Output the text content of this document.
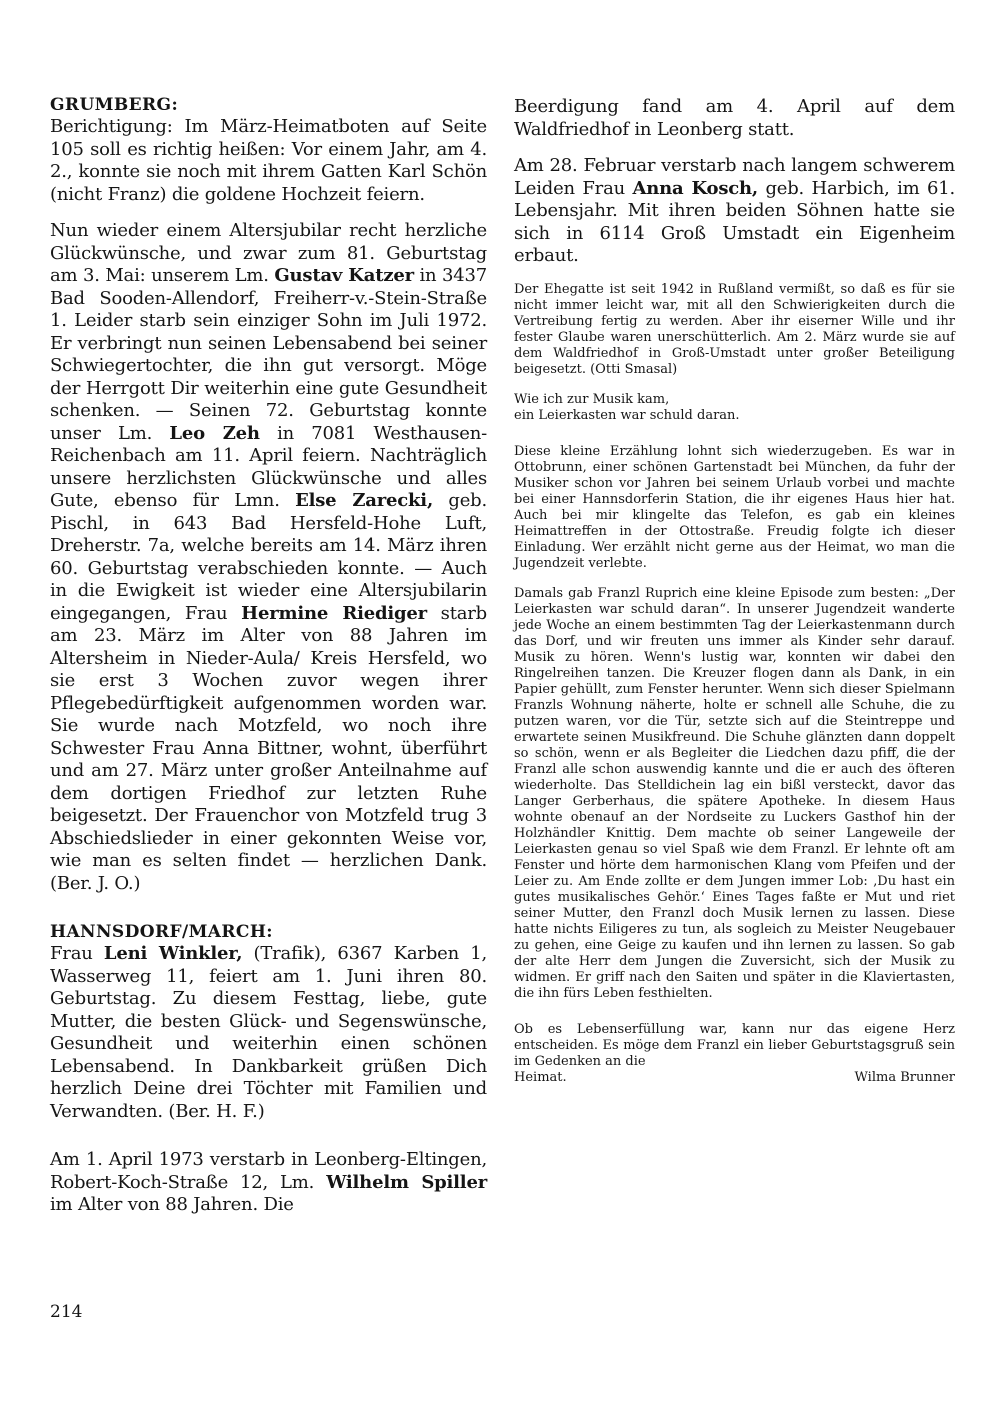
GRUMBERG:

Berichtigung: Im März-Heimatboten auf Seite 105 soll es richtig heißen: Vor einem Jahr, am 4. 2., konnte sie noch mit ihrem Gatten Karl Schön (nicht Franz) die goldene Hochzeit feiern.

Nun wieder einem Altersjubilar recht herzliche Glückwünsche, und zwar zum 81. Geburtstag am 3. Mai: unserem Lm. Gustav Katzer in 3437 Bad Sooden-Allendorf, Freiherr-v.-Stein-Straße 1. Leider starb sein einziger Sohn im Juli 1972. Er verbringt nun seinen Lebensabend bei seiner Schwiegertochter, die ihn gut versorgt. Möge der Herrgott Dir weiterhin eine gute Gesundheit schenken. — Seinen 72. Geburtstag konnte unser Lm. Leo Zeh in 7081 Westhausen-Reichenbach am 11. April feiern. Nachträglich unsere herzlichsten Glückwünsche und alles Gute, ebenso für Lmn. Else Zarecki, geb. Pischl, in 643 Bad Hersfeld-Hohe Luft, Dreherstr. 7a, welche bereits am 14. März ihren 60. Geburtstag verabschieden konnte. — Auch in die Ewigkeit ist wieder eine Altersjubilarin eingegangen, Frau Hermine Riediger starb am 23. März im Alter von 88 Jahren im Altersheim in Nieder-Aula/ Kreis Hersfeld, wo sie erst 3 Wochen zuvor wegen ihrer Pflegebedürftigkeit aufgenommen worden war. Sie wurde nach Motzfeld, wo noch ihre Schwester Frau Anna Bittner, wohnt, überführt und am 27. März unter großer Anteilnahme auf dem dortigen Friedhof zur letzten Ruhe beigesetzt. Der Frauenchor von Motzfeld trug 3 Abschiedslieder in einer gekonnten Weise vor, wie man es selten findet — herzlichen Dank. (Ber. J. O.)

HANNSDORF/MARCH:

Frau Leni Winkler, (Trafik), 6367 Karben 1, Wasserweg 11, feiert am 1. Juni ihren 80. Geburtstag. Zu diesem Festtag, liebe, gute Mutter, die besten Glück- und Segenswünsche, Gesundheit und weiterhin einen schönen Lebensabend. In Dankbarkeit grüßen Dich herzlich Deine drei Töchter mit Familien und Verwandten. (Ber. H. F.)

Am 1. April 1973 verstarb in Leonberg-Eltingen, Robert-Koch-Straße 12, Lm. Wilhelm Spiller im Alter von 88 Jahren. Die

Beerdigung fand am 4. April auf dem Waldfriedhof in Leonberg statt.

Am 28. Februar verstarb nach langem schwerem Leiden Frau Anna Kosch, geb. Harbich, im 61. Lebensjahr. Mit ihren beiden Söhnen hatte sie sich in 6114 Groß Umstadt ein Eigenheim erbaut.

Der Ehegatte ist seit 1942 in Rußland vermißt, so daß es für sie nicht immer leicht war, mit all den Schwierigkeiten durch die Vertreibung fertig zu werden. Aber ihr eiserner Wille und ihr fester Glaube waren unerschütterlich. Am 2. März wurde sie auf dem Waldfriedhof in Groß-Umstadt unter großer Beteiligung beigesetzt. (Otti Smasal)

Wie ich zur Musik kam,
ein Leierkasten war schuld daran.

Diese kleine Erzählung lohnt sich wiederzugeben. Es war in Ottobrunn, einer schönen Gartenstadt bei München, da fuhr der Musiker schon vor Jahren bei seinem Urlaub vorbei und machte bei einer Hannsdorferin Station, die ihr eigenes Haus hier hat. Auch bei mir klingelte das Telefon, es gab ein kleines Heimattreffen in der Ottostraße. Freudig folgte ich dieser Einladung. Wer erzählt nicht gerne aus der Heimat, wo man die Jugendzeit verlebte.

Damals gab Franzl Ruprich eine kleine Episode zum besten: „Der Leierkasten war schuld daran“. In unserer Jugendzeit wanderte jede Woche an einem bestimmten Tag der Leierkastenmann durch das Dorf, und wir freuten uns immer als Kinder sehr darauf. Musik zu hören. Wenn's lustig war, konnten wir dabei den Ringelreihen tanzen. Die Kreuzer flogen dann als Dank, in ein Papier gehüllt, zum Fenster herunter. Wenn sich dieser Spielmann Franzls Wohnung näherte, holte er schnell alle Schuhe, die zu putzen waren, vor die Tür, setzte sich auf die Steintreppe und erwartete seinen Musikfreund. Die Schuhe glänzten dann doppelt so schön, wenn er als Begleiter die Liedchen dazu pfiff, die der Franzl alle schon auswendig kannte und die er auch des öfteren wiederholte. Das Stelldichein lag ein bißl versteckt, davor das Langer Gerberhaus, die spätere Apotheke. In diesem Haus wohnte obenauf an der Nordseite zu Luckers Gasthof hin der Holzhändler Knittig. Dem machte ob seiner Langeweile der Leierkasten genau so viel Spaß wie dem Franzl. Er lehnte oft am Fenster und hörte dem harmonischen Klang vom Pfeifen und der Leier zu. Am Ende zollte er dem Jungen immer Lob: ‚Du hast ein gutes musikalisches Gehör.‘ Eines Tages faßte er Mut und riet seiner Mutter, den Franzl doch Musik lernen zu lassen. Diese hatte nichts Eiligeres zu tun, als sogleich zu Meister Neugebauer zu gehen, eine Geige zu kaufen und ihn lernen zu lassen. So gab der alte Herr dem Jungen die Zuversicht, sich der Musik zu widmen. Er griff nach den Saiten und später in die Klaviertasten, die ihn fürs Leben festhielten.

Ob es Lebenserfüllung war, kann nur das eigene Herz entscheiden. Es möge dem Franzl ein lieber Geburtstagsgruß sein im Gedenken an die

Heimat.	Wilma Brunner
214
